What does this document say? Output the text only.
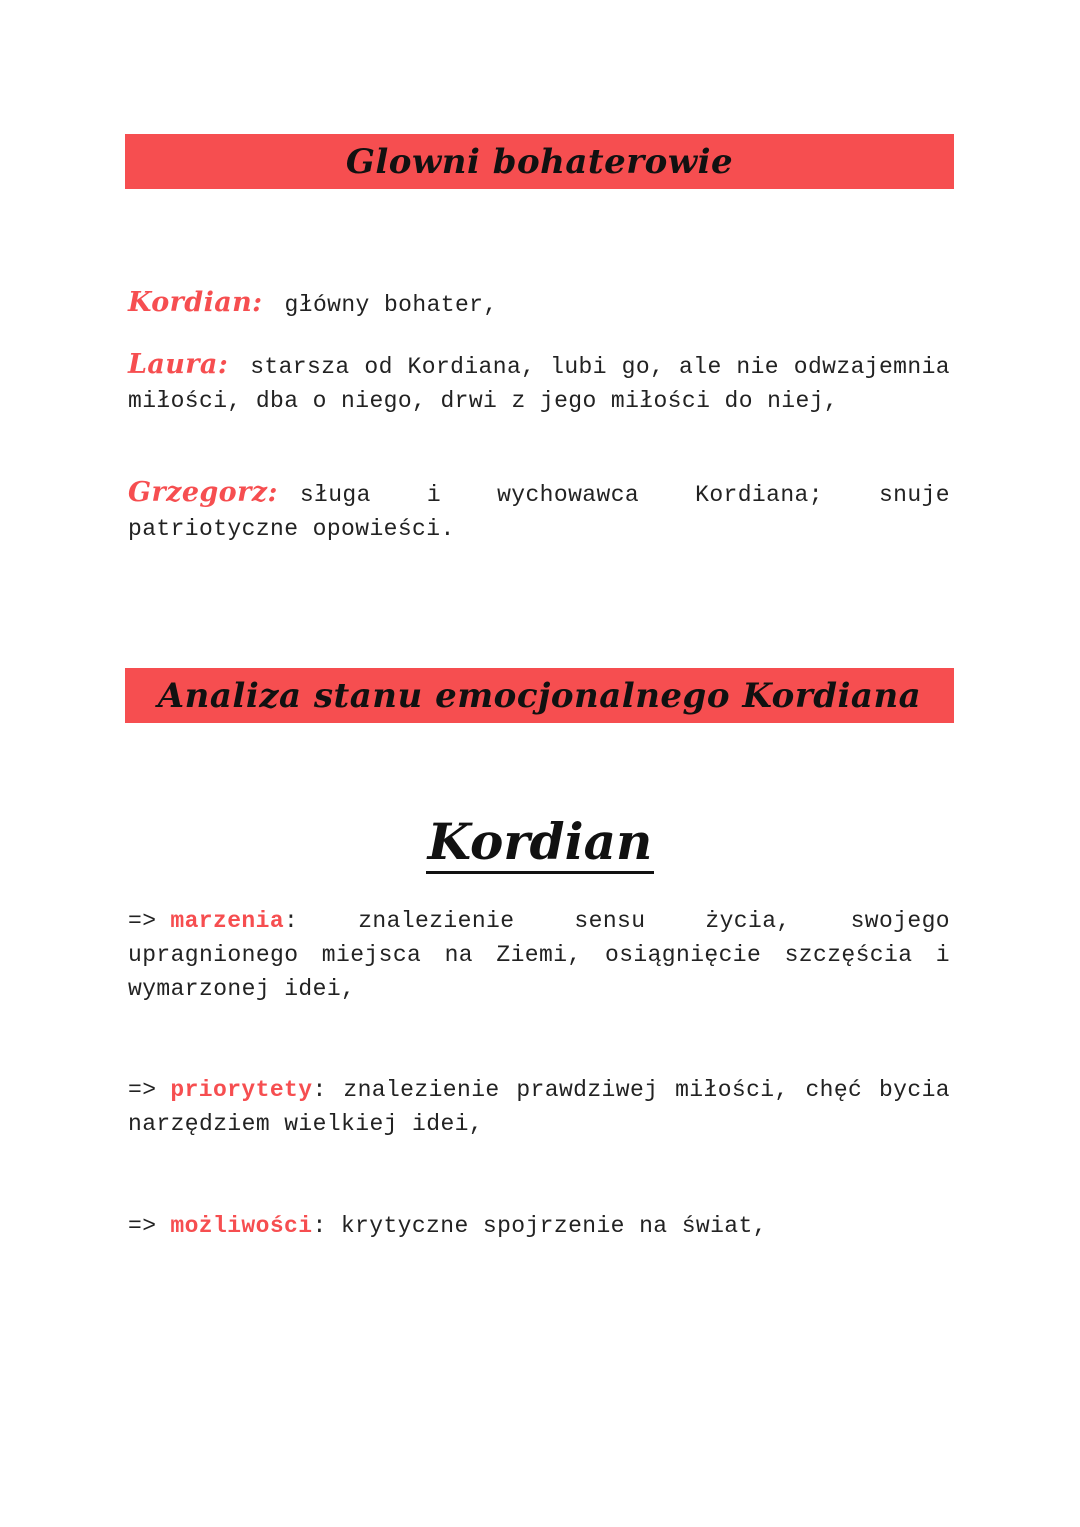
Glowni bohaterowie
Kordian: główny bohater,
Laura: starsza od Kordiana, lubi go, ale nie odwzajemnia miłości, dba o niego, drwi z jego miłości do niej,
Grzegorz: sługa i wychowawca Kordiana; snuje patriotyczne opowieści.
Analiza stanu emocjonalnego Kordiana
Kordian
=> marzenia:	znalezienie sensu życia, swojego upragnionego miejsca na Ziemi, osiągnięcie szczęścia i wymarzonej idei,
=> priorytety: znalezienie prawdziwej miłości, chęć bycia narzędziem wielkiej idei,
=> możliwości: krytyczne spojrzenie na świat,
